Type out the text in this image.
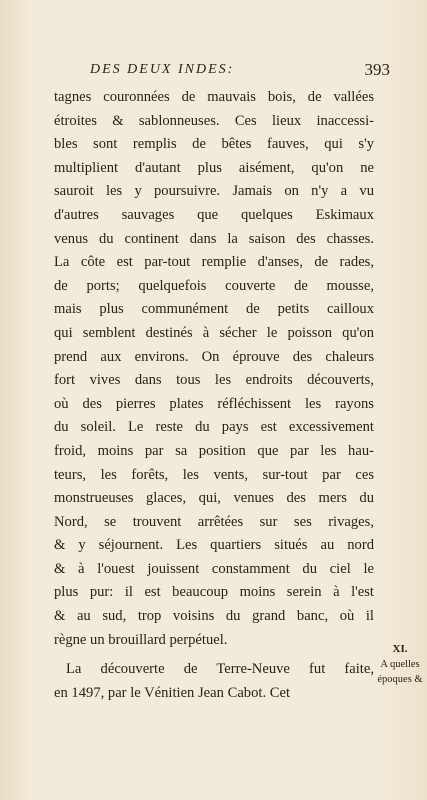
DES DEUX INDES:	393
tagnes couronnées de mauvais bois, de vallées
étroites & sablonneuses. Ces lieux inaccessi-
bles sont remplis de bêtes fauves, qui s'y
multiplient d'autant plus aisément, qu'on ne
sauroit les y poursuivre. Jamais on n'y a vu
d'autres sauvages que quelques Eskimaux
venus du continent dans la saison des chasses.
La côte est par-tout remplie d'anses, de rades,
de ports; quelquefois couverte de mousse,
mais plus communément de petits cailloux
qui semblent destinés à sécher le poisson qu'on
prend aux environs. On éprouve des chaleurs
fort vives dans tous les endroits découverts,
où des pierres plates réfléchissent les rayons
du soleil. Le reste du pays est excessivement
froid, moins par sa position que par les hau-
teurs, les forêts, les vents, sur-tout par ces
monstrueuses glaces, qui, venues des mers du
Nord, se trouvent arrêtées sur ses rivages,
& y séjournent. Les quartiers situés au nord
& à l'ouest jouissent constamment du ciel le
plus pur: il est beaucoup moins serein à l'est
& au sud, trop voisins du grand banc, où il
règne un brouillard perpétuel.
La découverte de Terre-Neuve fut faite,
en 1497, par le Vénitien Jean Cabot. Cet
XI.
A quelles
époques &
